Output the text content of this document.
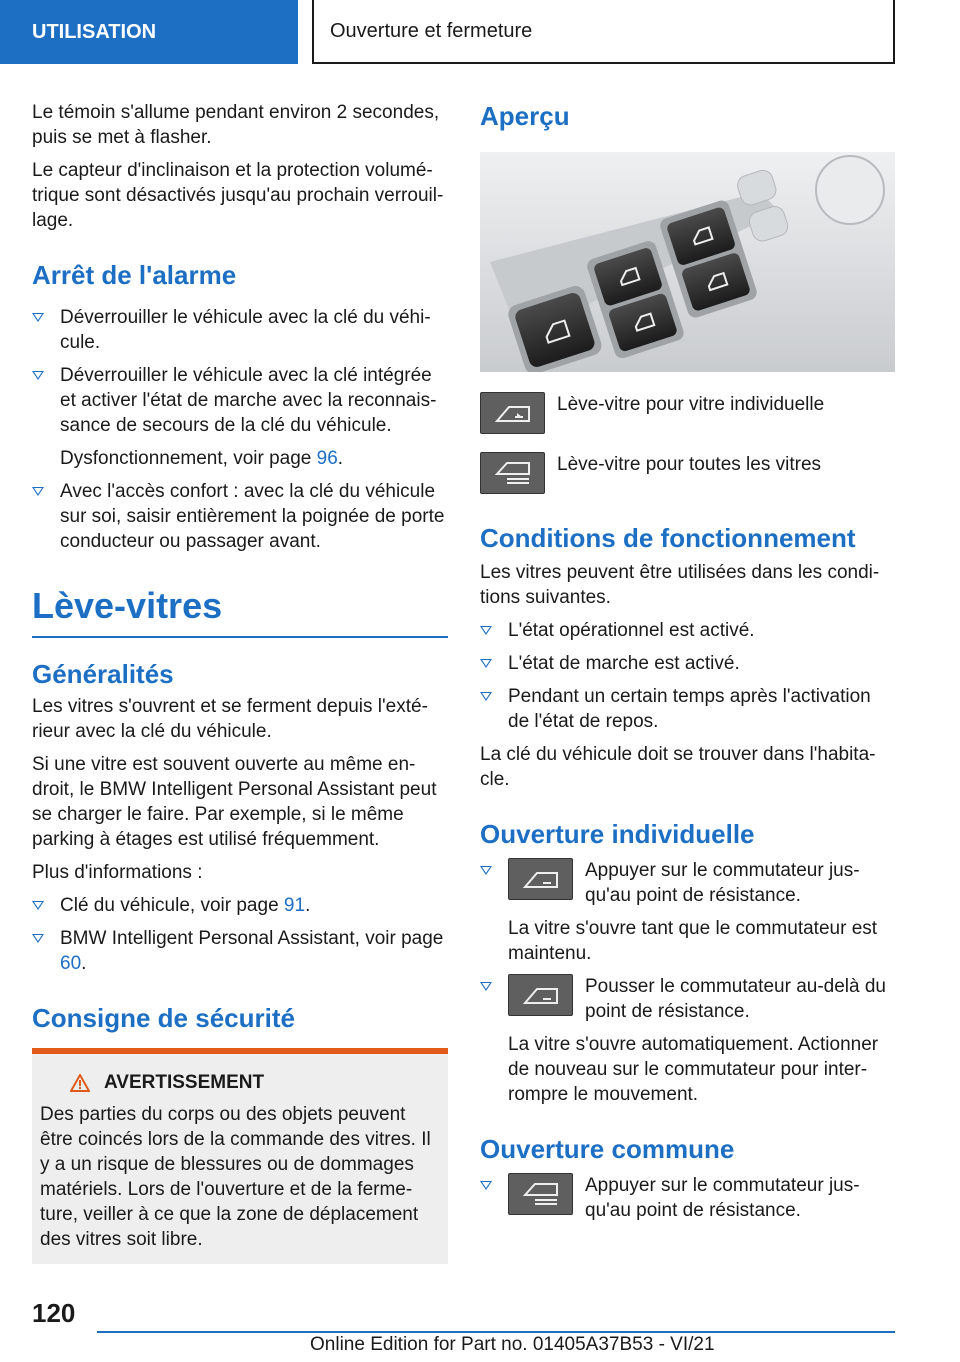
UTILISATION	Ouverture et fermeture

Le témoin s'allume pendant environ 2 secondes, puis se met à flasher.

Le capteur d'inclinaison et la protection volumétrique sont désactivés jusqu'au prochain verrouillage.

Arrêt de l'alarme
Déverrouiller le véhicule avec la clé du véhicule.
Déverrouiller le véhicule avec la clé intégrée et activer l'état de marche avec la reconnaissance de secours de la clé du véhicule.
Dysfonctionnement, voir page 96.
Avec l'accès confort : avec la clé du véhicule sur soi, saisir entièrement la poignée de porte conducteur ou passager avant.
Lève-vitres
Généralités

Les vitres s'ouvrent et se ferment depuis l'extérieur avec la clé du véhicule.

Si une vitre est souvent ouverte au même endroit, le BMW Intelligent Personal Assistant peut se charger le faire. Par exemple, si le même parking à étages est utilisé fréquemment.

Plus d'informations :

Clé du véhicule, voir page 91.
BMW Intelligent Personal Assistant, voir page 60.
Consigne de sécurité
AVERTISSEMENT

Des parties du corps ou des objets peuvent être coincés lors de la commande des vitres. Il y a un risque de blessures ou de dommages matériels. Lors de l'ouverture et de la fermeture, veiller à ce que la zone de déplacement des vitres soit libre.

Aperçu
Lève-vitre pour vitre individuelle
Lève-vitre pour toutes les vitres
Conditions de fonctionnement

Les vitres peuvent être utilisées dans les conditions suivantes.

L'état opérationnel est activé.
L'état de marche est activé.
Pendant un certain temps après l'activation de l'état de repos.

La clé du véhicule doit se trouver dans l'habitacle.

Ouverture individuelle
Appuyer sur le commutateur jusqu'au point de résistance.
La vitre s'ouvre tant que le commutateur est maintenu.
Pousser le commutateur au-delà du point de résistance.
La vitre s'ouvre automatiquement. Actionner de nouveau sur le commutateur pour interrompre le mouvement.
Ouverture commune
Appuyer sur le commutateur jusqu'au point de résistance.
120
Online Edition for Part no. 01405A37B53 - VI/21
